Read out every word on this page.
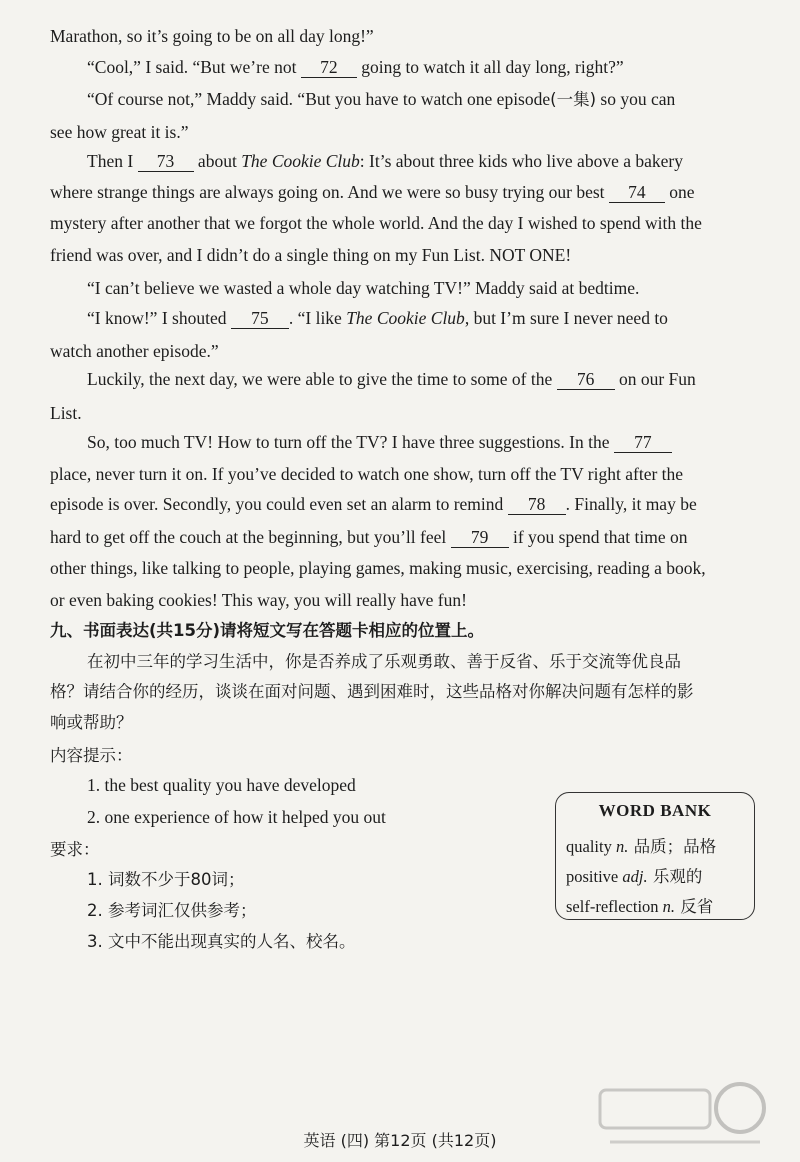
Marathon, so it’s going to be on all day long!”
“Cool,” I said. “But we’re not 72 going to watch it all day long, right?”
“Of course not,” Maddy said. “But you have to watch one episode(一集) so you can
see how great it is.”
Then I 73 about The Cookie Club: It’s about three kids who live above a bakery
where strange things are always going on. And we were so busy trying our best 74 one
mystery after another that we forgot the whole world. And the day I wished to spend with the
friend was over, and I didn’t do a single thing on my Fun List. NOT ONE!
“I can’t believe we wasted a whole day watching TV!” Maddy said at bedtime.
“I know!” I shouted 75 . “I like The Cookie Club, but I’m sure I never need to
watch another episode.”
Luckily, the next day, we were able to give the time to some of the 76 on our Fun
List.
So, too much TV! How to turn off the TV? I have three suggestions. In the 77
place, never turn it on. If you’ve decided to watch one show, turn off the TV right after the
episode is over. Secondly, you could even set an alarm to remind 78 . Finally, it may be
hard to get off the couch at the beginning, but you’ll feel 79 if you spend that time on
other things, like talking to people, playing games, making music, exercising, reading a book,
or even baking cookies! This way, you will really have fun!
九、书面表达(共15分)请将短文写在答题卡相应的位置上。
在初中三年的学习生活中，你是否养成了乐观勇敢、善于反省、乐于交流等优良品
格？请结合你的经历，谈谈在面对问题、遇到困难时，这些品格对你解决问题有怎样的影
响或帮助？
内容提示：
1. the best quality you have developed
2. one experience of how it helped you out
要求：
1. 词数不少于80词；
2. 参考词汇仅供参考；
3. 文中不能出现真实的人名、校名。
WORD BANK
quality n. 品质；品格
positive adj. 乐观的
self-reflection n. 反省
英语 (四) 第12页 (共12页)
